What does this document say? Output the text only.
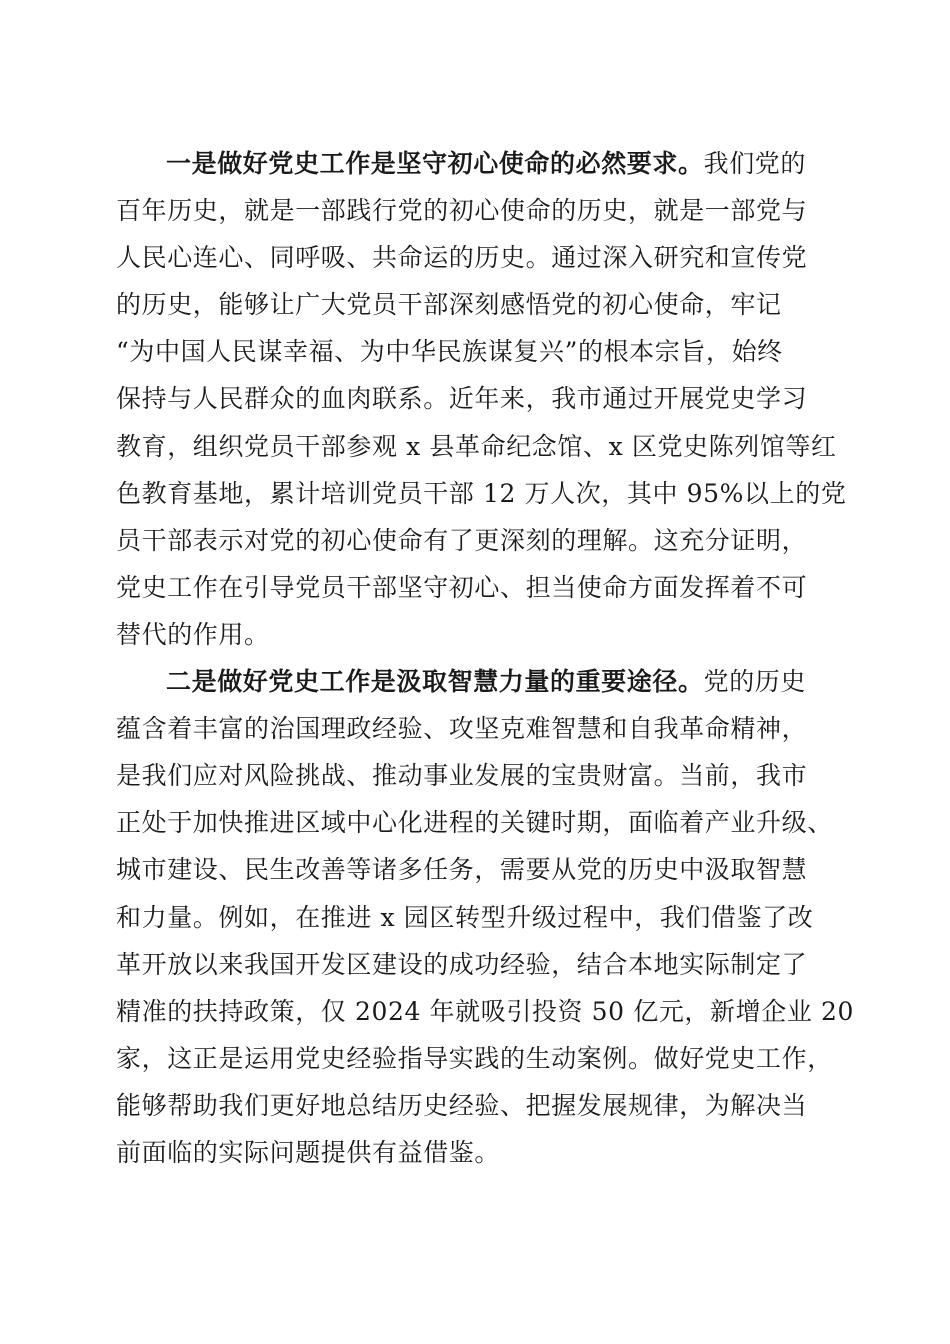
一是做好党史工作是坚守初心使命的必然要求。我们党的
百年历史，就是一部践行党的初心使命的历史，就是一部党与
人民心连心、同呼吸、共命运的历史。通过深入研究和宣传党
的历史，能够让广大党员干部深刻感悟党的初心使命，牢记
“为中国人民谋幸福、为中华民族谋复兴”的根本宗旨，始终
保持与人民群众的血肉联系。近年来，我市通过开展党史学习
教育，组织党员干部参观 x 县革命纪念馆、x 区党史陈列馆等红
色教育基地，累计培训党员干部 12 万人次，其中 95%以上的党
员干部表示对党的初心使命有了更深刻的理解。这充分证明，
党史工作在引导党员干部坚守初心、担当使命方面发挥着不可
替代的作用。
二是做好党史工作是汲取智慧力量的重要途径。党的历史
蕴含着丰富的治国理政经验、攻坚克难智慧和自我革命精神，
是我们应对风险挑战、推动事业发展的宝贵财富。当前，我市
正处于加快推进区域中心化进程的关键时期，面临着产业升级、
城市建设、民生改善等诸多任务，需要从党的历史中汲取智慧
和力量。例如，在推进 x 园区转型升级过程中，我们借鉴了改
革开放以来我国开发区建设的成功经验，结合本地实际制定了
精准的扶持政策，仅 2024 年就吸引投资 50 亿元，新增企业 20
家，这正是运用党史经验指导实践的生动案例。做好党史工作，
能够帮助我们更好地总结历史经验、把握发展规律，为解决当
前面临的实际问题提供有益借鉴。
